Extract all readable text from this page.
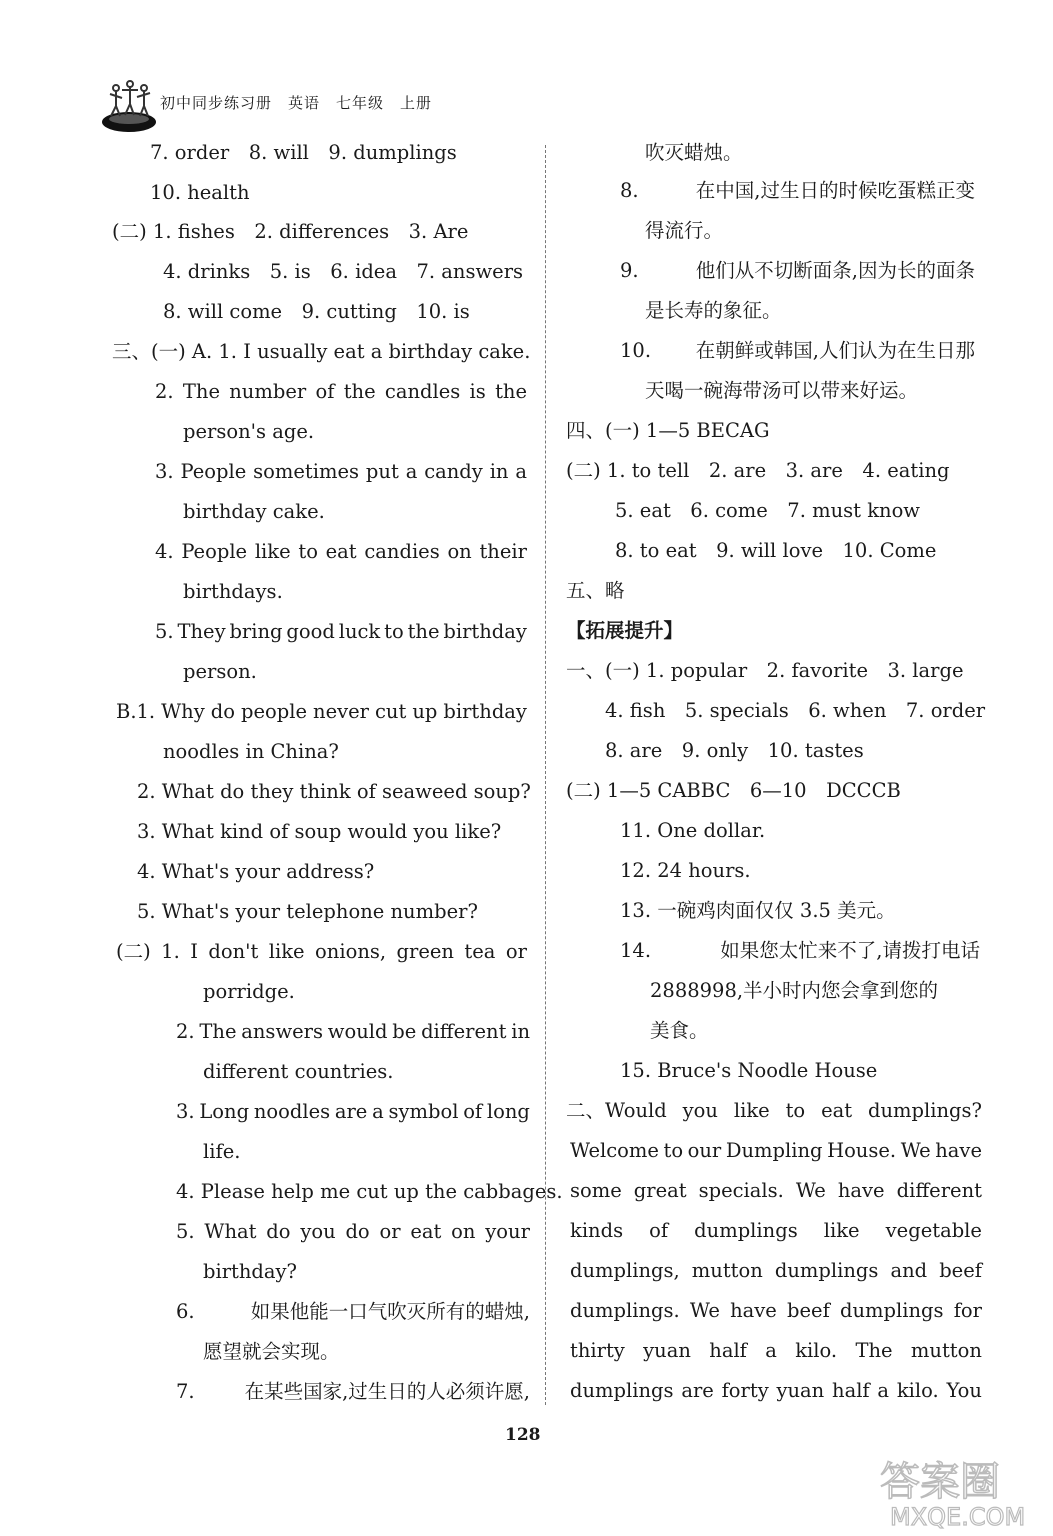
初中同步练习册　英语　七年级　上册
7. order　8. will　9. dumplings
10. health
(二) 1. fishes　2. differences　3. Are
4. drinks　5. is　6. idea　7. answers
8. will come　9. cutting　10. is
三、(一) A. 1. I usually eat a birthday cake.
2. The number of the candles is the
person's age.
3. People sometimes put a candy in a
birthday cake.
4. People like to eat candies on their
birthdays.
5. They bring good luck to the birthday
person.
B.1. Why do people never cut up birthday
noodles in China?
2. What do they think of seaweed soup?
3. What kind of soup would you like?
4. What's your address?
5. What's your telephone number?
(二) 1. I don't like onions, green tea or
porridge.
2. The answers would be different in
different countries.
3. Long noodles are a symbol of long
life.
4. Please help me cut up the cabbages.
5. What do you do or eat on your
birthday?
6.	如果他能一口气吹灭所有的蜡烛,
愿望就会实现。
7.	在某些国家,过生日的人必须许愿,
吹灭蜡烛。
8.	在中国,过生日的时候吃蛋糕正变
得流行。
9.	他们从不切断面条,因为长的面条
是长寿的象征。
10. 在朝鲜或韩国,人们认为在生日那
天喝一碗海带汤可以带来好运。
四、(一) 1—5 BECAG
(二) 1. to tell　2. are　3. are　4. eating
5. eat　6. come　7. must know
8. to eat　9. will love　10. Come
五、略
【拓展提升】
一、(一) 1. popular　2. favorite　3. large
4. fish　5. specials　6. when　7. order
8. are　9. only　10. tastes
(二) 1—5 CABBC　6—10　DCCCB
11. One dollar.
12. 24 hours.
13. 一碗鸡肉面仅仅 3.5 美元。
14.	如果您太忙来不了,请拨打电话
2888998,半小时内您会拿到您的
美食。
15. Bruce's Noodle House
二、Would you like to eat dumplings?
Welcome to our Dumpling House. We have
some great specials. We have different
kinds of dumplings like vegetable
dumplings, mutton dumplings and beef
dumplings. We have beef dumplings for
thirty yuan half a kilo. The mutton
dumplings are forty yuan half a kilo. You
128
答案圈
MXQE.COM
